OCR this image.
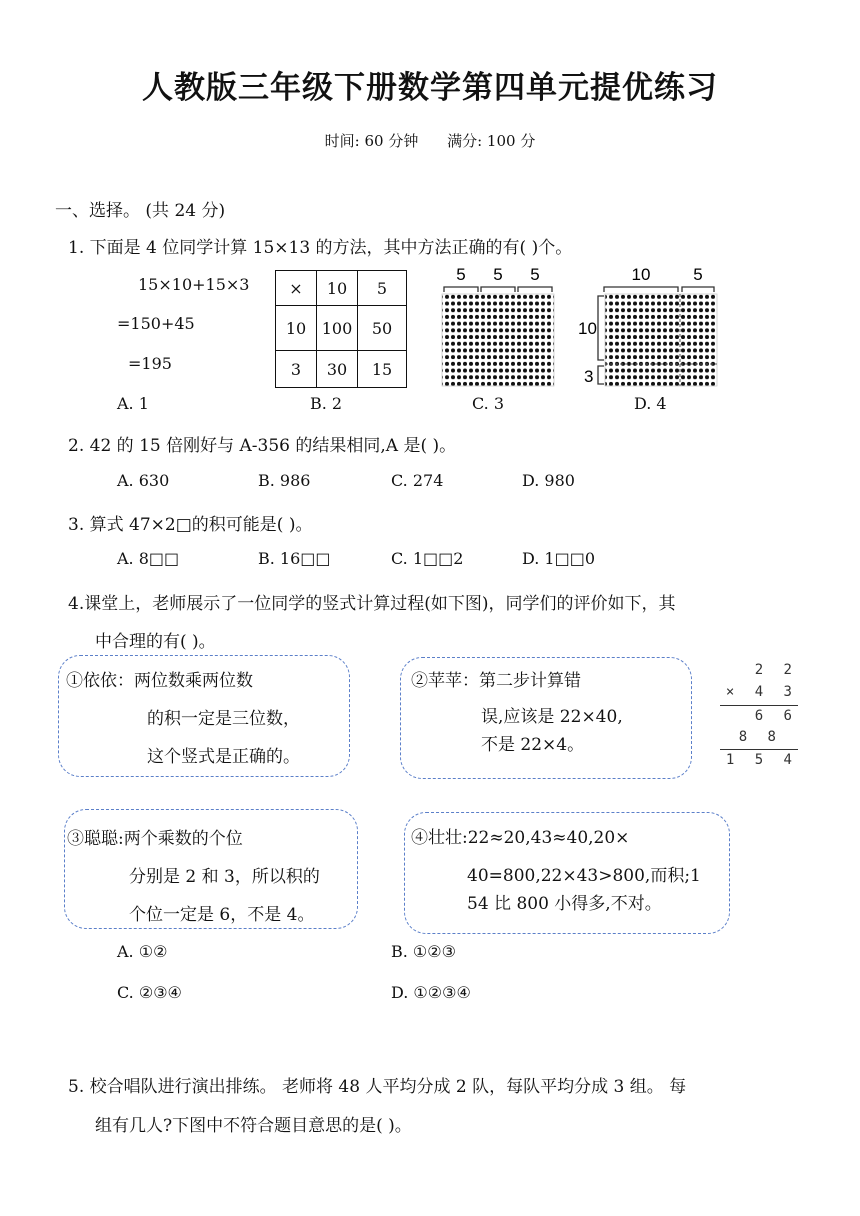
人教版三年级下册数学第四单元提优练习
时间: 60 分钟 满分: 100 分
一、选择。 (共 24 分)
1. 下面是 4 位同学计算 15×13 的方法，其中方法正确的有( )个。
15×10+15×3
=150+45
=195
×	10	5
10	100	50
3	30	15
5 5 5	10	5
10
3
A. 1	B. 2	C. 3	D. 4
2. 42 的 15 倍刚好与 A-356 的结果相同,A 是( )。
A. 630	B. 986	C. 274	D. 980
3. 算式 47×2□的积可能是( )。
A. 8□□	B. 16□□	C. 1□□2	D. 1□□0
4.课堂上，老师展示了一位同学的竖式计算过程(如下图)，同学们的评价如下，其
中合理的有( )。
①依依：两位数乘两位数
的积一定是三位数，
这个竖式是正确的。
②苹苹：第二步计算错
误,应该是 22×40,
不是 22×4。
2 2
× 4 3
6 6
8 8
1 5 4
③聪聪:两个乘数的个位
分别是 2 和 3，所以积的
个位一定是 6，不是 4。
④壮壮:22≈20,43≈40,20×
40=800,22×43>800,而积;1
54 比 800 小得多,不对。
A. ①②	B. ①②③
C. ②③④	D. ①②③④
5. 校合唱队进行演出排练。 老师将 48 人平均分成 2 队，每队平均分成 3 组。 每
组有几人?下图中不符合题目意思的是( )。
